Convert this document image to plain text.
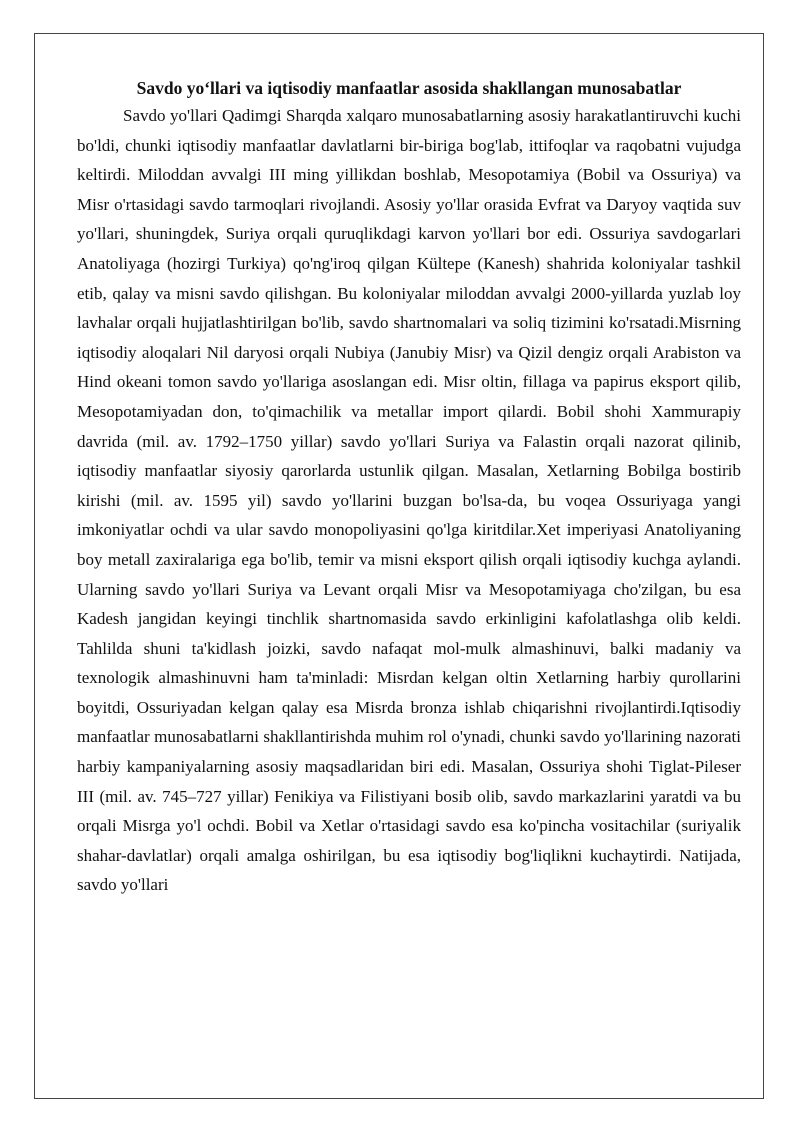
Savdo yo‘llari va iqtisodiy manfaatlar asosida shakllangan munosabatlar

Savdo yo'llari Qadimgi Sharqda xalqaro munosabatlarning asosiy harakatlantiruvchi kuchi bo'ldi, chunki iqtisodiy manfaatlar davlatlarni bir-biriga bog'lab, ittifoqlar va raqobatni vujudga keltirdi. Miloddan avvalgi III ming yillikdan boshlab, Mesopotamiya (Bobil va Ossuriya) va Misr o'rtasidagi savdo tarmoqlari rivojlandi. Asosiy yo'llar orasida Evfrat va Daryoy vaqtida suv yo'llari, shuningdek, Suriya orqali quruqlikdagi karvon yo'llari bor edi. Ossuriya savdogarlari Anatoliyaga (hozirgi Turkiya) qo'ng'iroq qilgan Kültepe (Kanesh) shahrida koloniyalar tashkil etib, qalay va misni savdo qilishgan. Bu koloniyalar miloddan avvalgi 2000-yillarda yuzlab loy lavhalar orqali hujjatlashtirilgan bo'lib, savdo shartnomalari va soliq tizimini ko'rsatadi.Misrning iqtisodiy aloqalari Nil daryosi orqali Nubiya (Janubiy Misr) va Qizil dengiz orqali Arabiston va Hind okeani tomon savdo yo'llariga asoslangan edi. Misr oltin, fillaga va papirus eksport qilib, Mesopotamiyadan don, to'qimachilik va metallar import qilardi. Bobil shohi Xammurapiy davrida (mil. av. 1792–1750 yillar) savdo yo'llari Suriya va Falastin orqali nazorat qilinib, iqtisodiy manfaatlar siyosiy qarorlarda ustunlik qilgan. Masalan, Xetlarning Bobilga bostirib kirishi (mil. av. 1595 yil) savdo yo'llarini buzgan bo'lsa-da, bu voqea Ossuriyaga yangi imkoniyatlar ochdi va ular savdo monopoliyasini qo'lga kiritdilar.Xet imperiyasi Anatoliyaning boy metall zaxiralariga ega bo'lib, temir va misni eksport qilish orqali iqtisodiy kuchga aylandi. Ularning savdo yo'llari Suriya va Levant orqali Misr va Mesopotamiyaga cho'zilgan, bu esa Kadesh jangidan keyingi tinchlik shartnomasida savdo erkinligini kafolatlashga olib keldi. Tahlilda shuni ta'kidlash joizki, savdo nafaqat mol-mulk almashinuvi, balki madaniy va texnologik almashinuvni ham ta'minladi: Misrdan kelgan oltin Xetlarning harbiy qurollarini boyitdi, Ossuriyadan kelgan qalay esa Misrda bronza ishlab chiqarishni rivojlantirdi.Iqtisodiy manfaatlar munosabatlarni shakllantirishda muhim rol o'ynadi, chunki savdo yo'llarining nazorati harbiy kampaniyalarning asosiy maqsadlaridan biri edi. Masalan, Ossuriya shohi Tiglat-Pileser III (mil. av. 745–727 yillar) Fenikiya va Filistiyani bosib olib, savdo markazlarini yaratdi va bu orqali Misrga yo'l ochdi. Bobil va Xetlar o'rtasidagi savdo esa ko'pincha vositachilar (suriyalik shahar-davlatlar) orqali amalga oshirilgan, bu esa iqtisodiy bog'liqlikni kuchaytirdi. Natijada, savdo yo'llari
